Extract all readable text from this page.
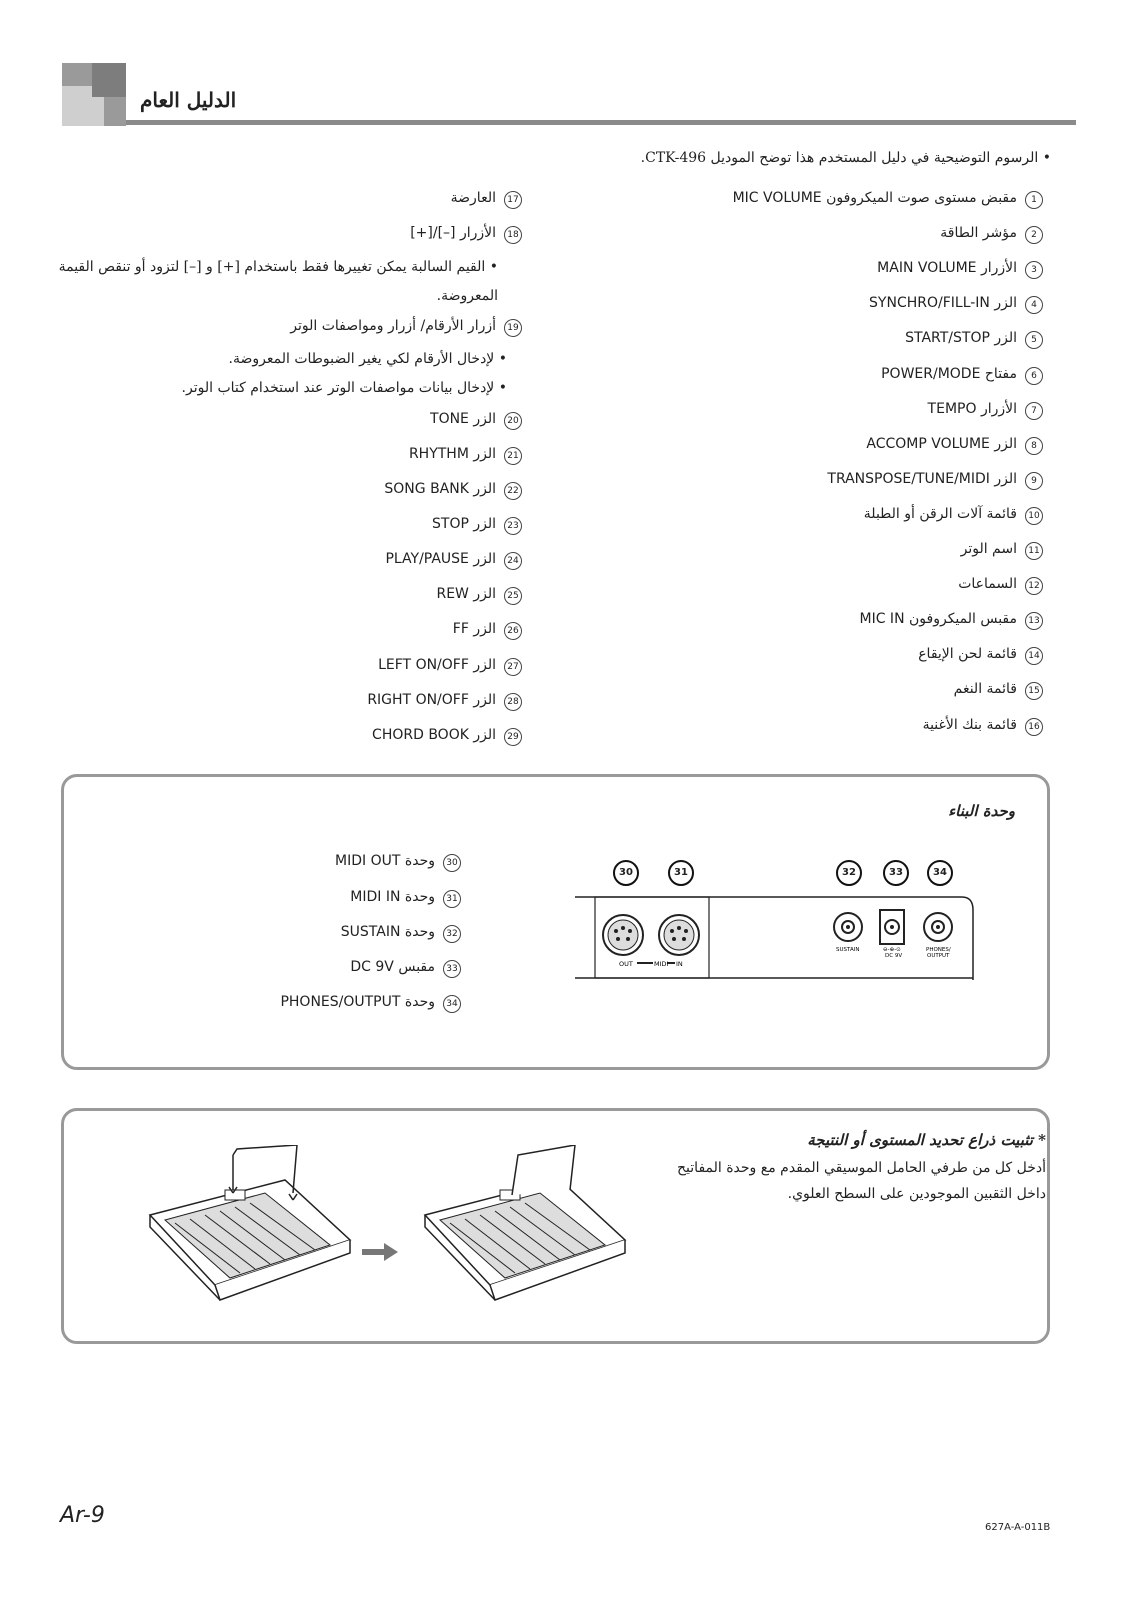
الدليل العام
• الرسوم التوضيحية في دليل المستخدم هذا توضح الموديل CTK-496.
1مقبض مستوى صوت الميكروفون MIC VOLUME
2مؤشر الطاقة
3الأزرار MAIN VOLUME
4الزر SYNCHRO/FILL-IN
5الزر START/STOP
6مفتاح POWER/MODE
7الأزرار TEMPO
8الزر ACCOMP VOLUME
9الزر TRANSPOSE/TUNE/MIDI
10قائمة آلات الرقن أو الطبلة
11اسم الوتر
12السماعات
13مقبس الميكروفون MIC IN
14قائمة لحن الإيقاع
15قائمة النغم
16قائمة بنك الأغنية
17العارضة
18الأزرار [–]/[+]
19أزرار الأرقام/ أزرار ومواصفات الوتر
20الزر TONE
21الزر RHYTHM
22الزر SONG BANK
23الزر STOP
24الزر PLAY/PAUSE
25الزر REW
26الزر FF
27الزر LEFT ON/OFF
28الزر RIGHT ON/OFF
29الزر CHORD BOOK
• القيم السالبة يمكن تغييرها فقط باستخدام [+] و [–] لتزود أو تنقص القيمة
المعروضة.
• لإدخال الأرقام لكي يغير الضبوطات المعروضة.
• لإدخال بيانات مواصفات الوتر عند استخدام كتاب الوتر.
وحدة البناء
30وحدة MIDI OUT
31وحدة MIDI IN
32وحدة SUSTAIN
33مقبس DC 9V
34وحدة PHONES/OUTPUT
OUT	MIDI IN
SUSTAIN	⊖-⊕-⊙
DC 9V
PHONES/
OUTPUT
30	31	32	33	34
* تثبيت ذراع تحديد المستوى أو النتيجة
أدخل كل من طرفي الحامل الموسيقي المقدم مع وحدة المفاتيح
داخل الثقبين الموجودين على السطح العلوي.
Ar-9	627A-A-011B
